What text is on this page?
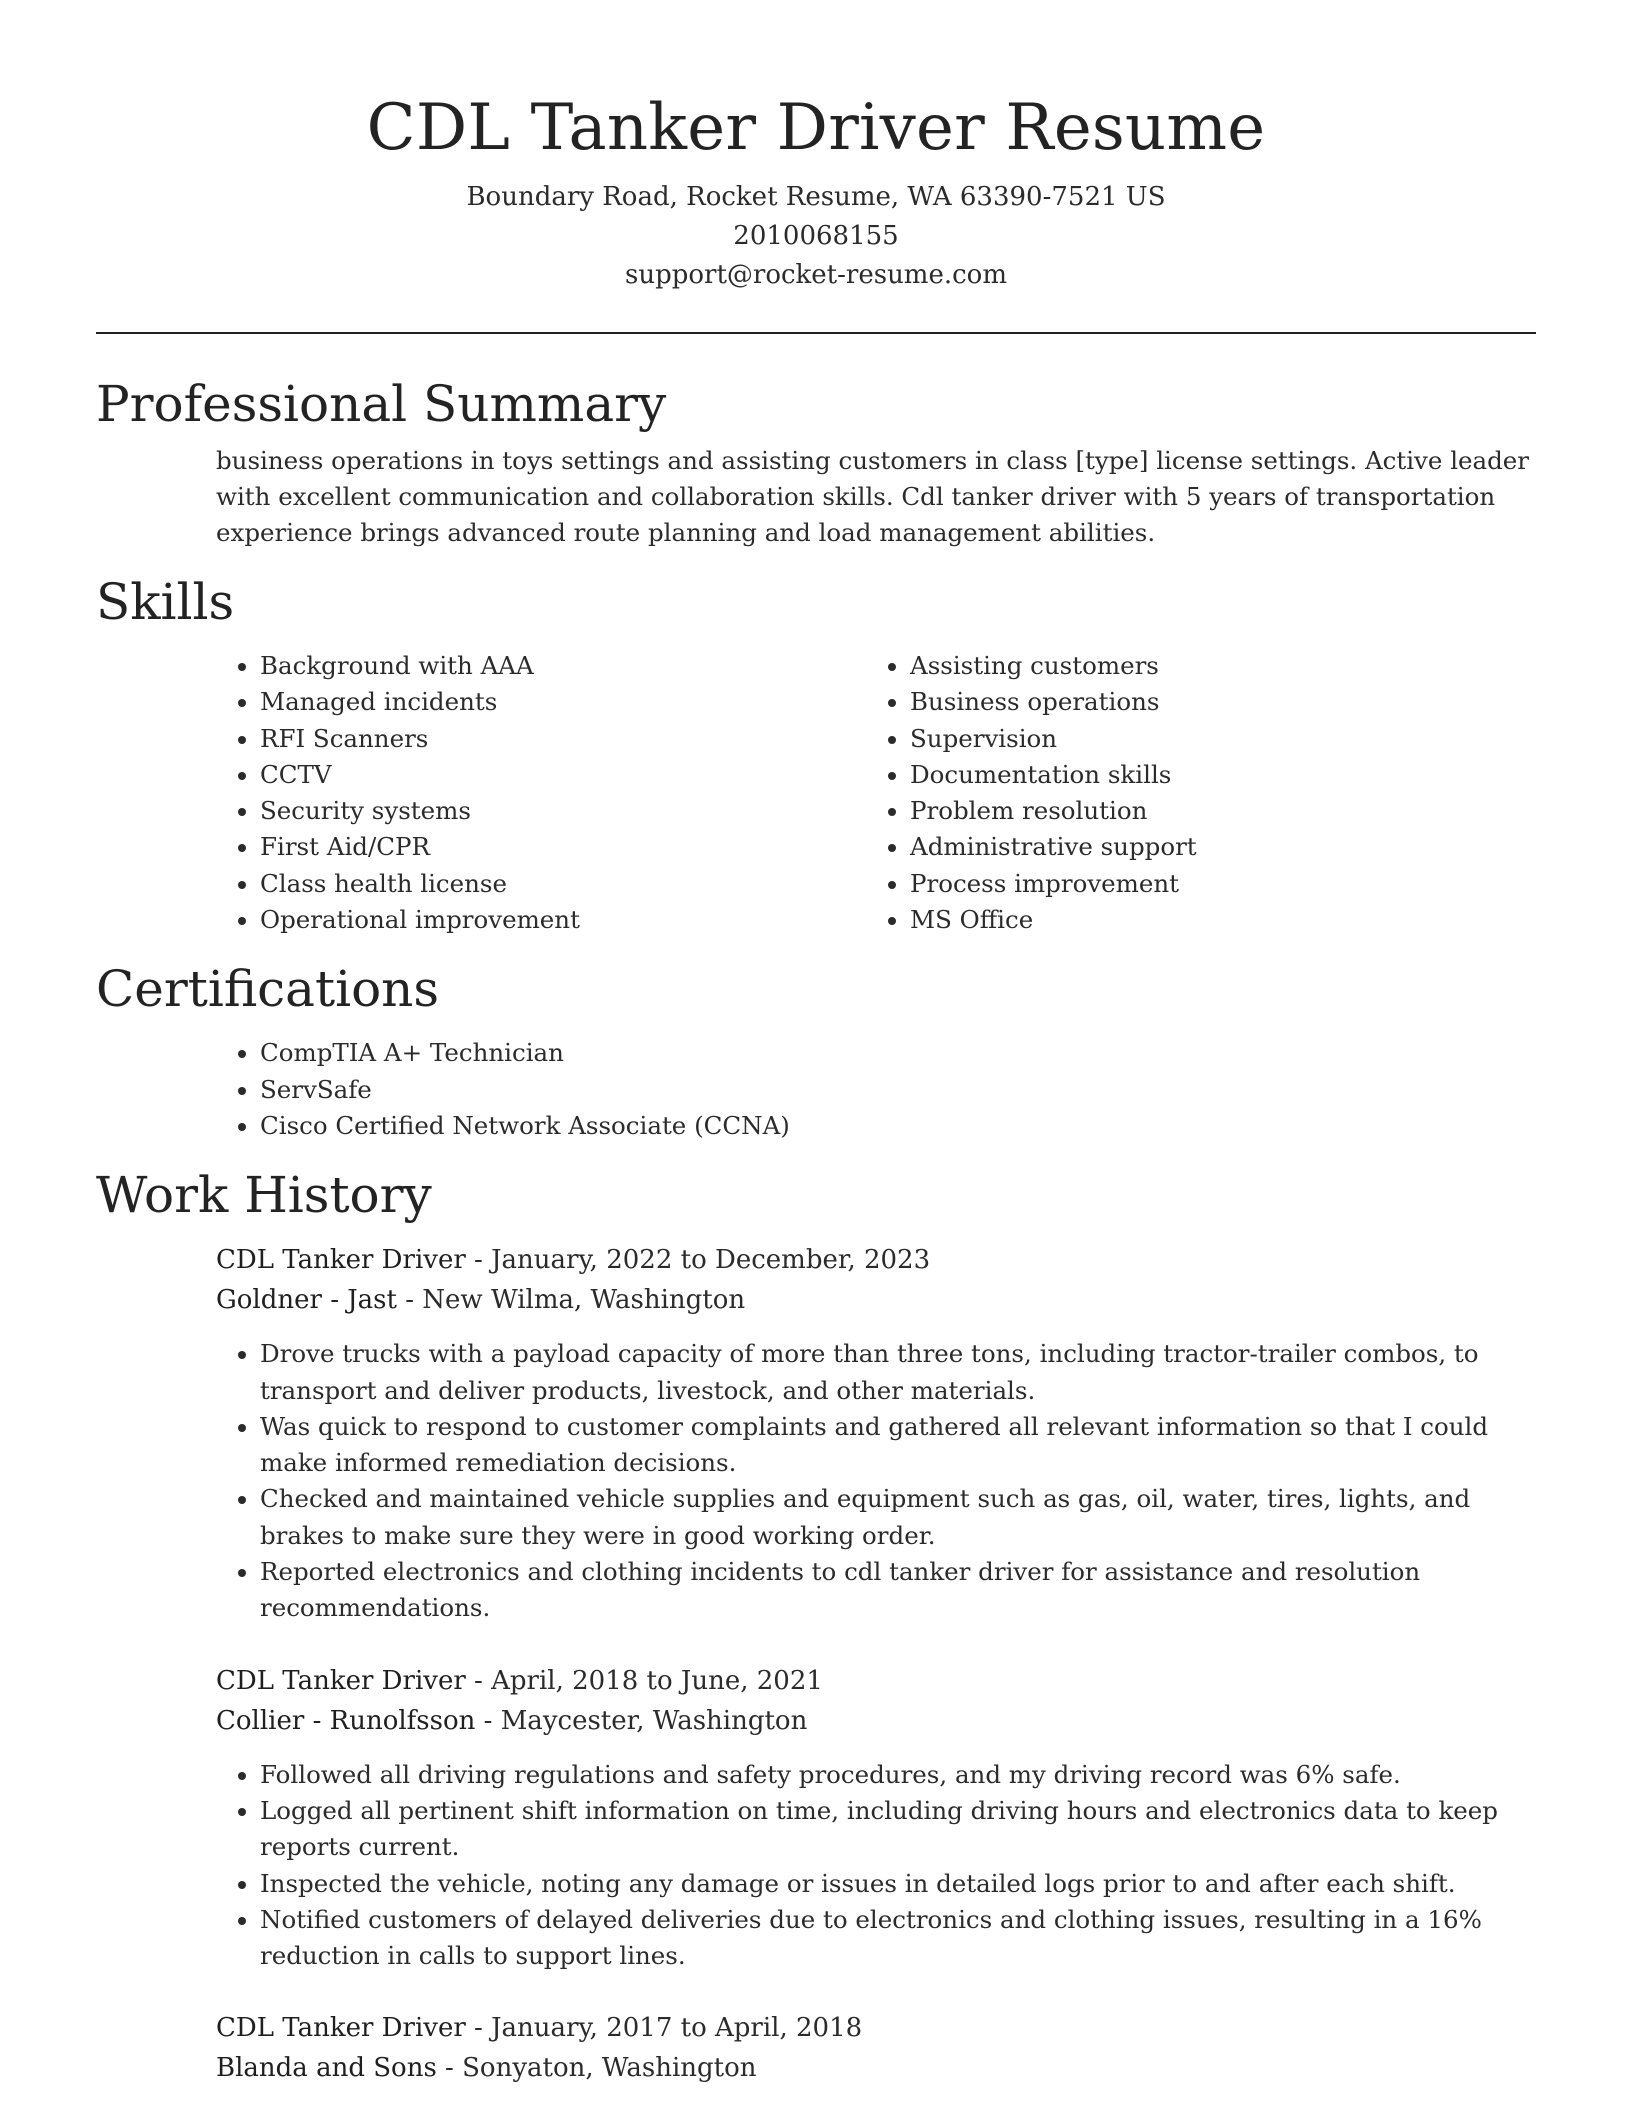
CDL Tanker Driver Resume
Boundary Road, Rocket Resume, WA 63390-7521 US
2010068155
support@rocket-resume.com
Professional Summary

business operations in toys settings and assisting customers in class [type] license settings. Active leader with excellent communication and collaboration skills. Cdl tanker driver with 5 years of transportation experience brings advanced route planning and load management abilities.

Skills
• Background with AAA
• Managed incidents
• RFI Scanners
• CCTV
• Security systems
• First Aid/CPR
• Class health license
• Operational improvement
• Assisting customers
• Business operations
• Supervision
• Documentation skills
• Problem resolution
• Administrative support
• Process improvement
• MS Office
Certifications
• CompTIA A+ Technician
• ServSafe
• Cisco Certified Network Associate (CCNA)
Work History
CDL Tanker Driver - January, 2022 to December, 2023
Goldner - Jast - New Wilma, Washington
• Drove trucks with a payload capacity of more than three tons, including tractor-trailer combos, to transport and deliver products, livestock, and other materials.
• Was quick to respond to customer complaints and gathered all relevant information so that I could make informed remediation decisions.
• Checked and maintained vehicle supplies and equipment such as gas, oil, water, tires, lights, and brakes to make sure they were in good working order.
• Reported electronics and clothing incidents to cdl tanker driver for assistance and resolution recommendations.
CDL Tanker Driver - April, 2018 to June, 2021
Collier - Runolfsson - Maycester, Washington
• Followed all driving regulations and safety procedures, and my driving record was 6% safe.
• Logged all pertinent shift information on time, including driving hours and electronics data to keep reports current.
• Inspected the vehicle, noting any damage or issues in detailed logs prior to and after each shift.
• Notified customers of delayed deliveries due to electronics and clothing issues, resulting in a 16% reduction in calls to support lines.
CDL Tanker Driver - January, 2017 to April, 2018
Blanda and Sons - Sonyaton, Washington
